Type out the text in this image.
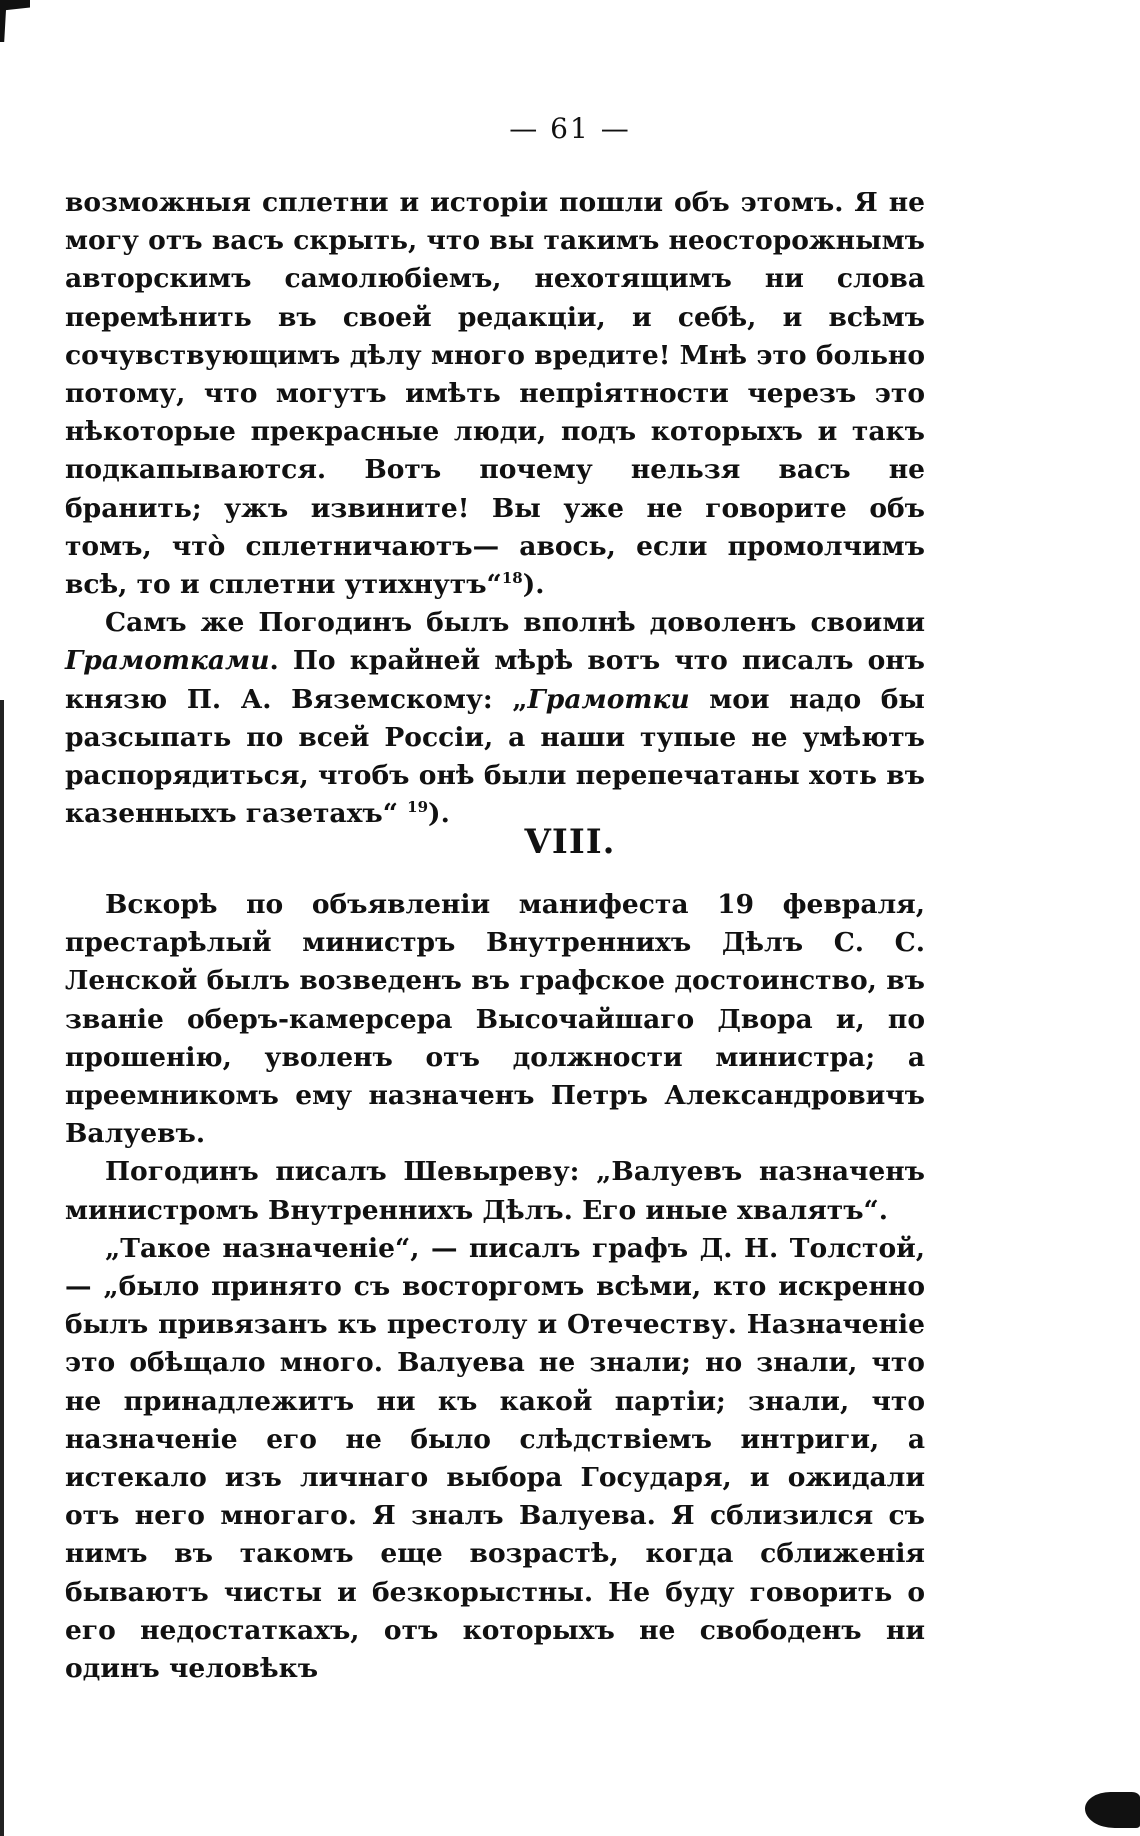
— 61 —

возможныя сплетни и исторіи пошли объ этомъ. Я не могу отъ васъ скрыть, что вы такимъ неосторожнымъ авторскимъ самолюбіемъ, нехотящимъ ни слова перемѣнить въ своей редакціи, и себѣ, и всѣмъ сочувствующимъ дѣлу много вредите! Мнѣ это больно потому, что могутъ имѣть непріятности черезъ это нѣкоторые прекрасные люди, подъ которыхъ и такъ подкапываются. Вотъ почему нельзя васъ не бранить; ужъ извините! Вы уже не говорите объ томъ, что̀ сплетничаютъ— авось, если промолчимъ всѣ, то и сплетни утихнутъ“$^{18}$).

Самъ же Погодинъ былъ вполнѣ доволенъ своими Грамотками. По крайней мѣрѣ вотъ что писалъ онъ князю П. А. Вяземскому: „Грамотки мои надо бы разсыпать по всей Россіи, а наши тупые не умѣютъ распорядиться, чтобъ онѣ были перепечатаны хоть въ казенныхъ газетахъ“ $^{19}$).

VIII.

Вскорѣ по объявленіи манифеста 19 февраля, престарѣлый министръ Внутреннихъ Дѣлъ С. С. Ленской былъ возведенъ въ графское достоинство, въ званіе оберъ-камерсера Высочайшаго Двора и, по прошенію, уволенъ отъ должности министра; а преемникомъ ему назначенъ Петръ Александровичъ Валуевъ.

Погодинъ писалъ Шевыреву: „Валуевъ назначенъ министромъ Внутреннихъ Дѣлъ. Его иные хвалятъ“.

„Такое назначеніе“, — писалъ графъ Д. Н. Толстой, — „было принято съ восторгомъ всѣми, кто искренно былъ привязанъ къ престолу и Отечеству. Назначеніе это обѣщало много. Валуева не знали; но знали, что не принадлежитъ ни къ какой партіи; знали, что назначеніе его не было слѣдствіемъ интриги, а истекало изъ личнаго выбора Государя, и ожидали отъ него многаго. Я зналъ Валуева. Я сблизился съ нимъ въ такомъ еще возрастѣ, когда сближенія бываютъ чисты и безкорыстны. Не буду говорить о его недостаткахъ, отъ которыхъ не свободенъ ни одинъ человѣкъ
